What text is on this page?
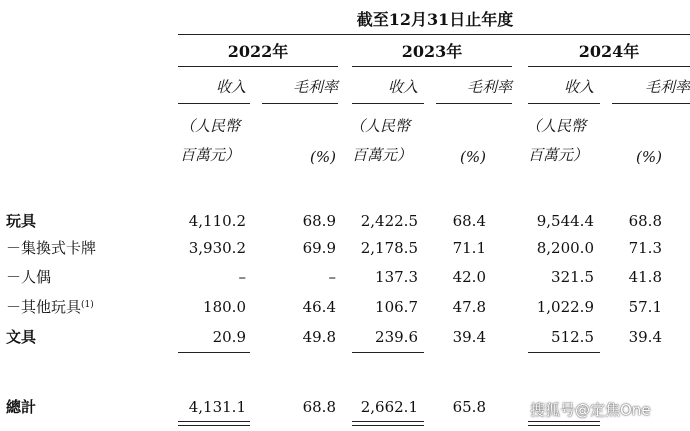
截至12月31日止年度
2022年	2023年	2024年
收入	毛利率	收入	毛利率	收入	毛利率
（人民幣
百萬元）	(%)
（人民幣
百萬元）	(%)
（人民幣
百萬元）	(%)
玩具	4,110.2	68.9	2,422.5	68.4	9,544.4	68.8
－集換式卡牌	3,930.2	69.9	2,178.5	71.1	8,200.0	71.3
－人偶	–	–	137.3	42.0	321.5	41.8
－其他玩具$^{(1)}$	180.0	46.4	106.7	47.8	1,022.9	57.1
文具	20.9	49.8	239.6	39.4	512.5	39.4
總計	4,131.1	68.8	2,662.1	65.8	搜狐号@定焦One
